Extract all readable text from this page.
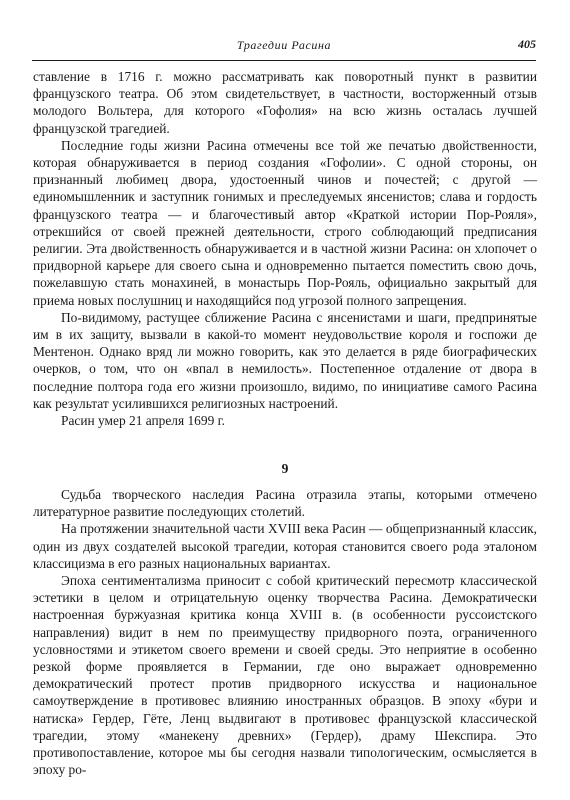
Трагедии Расина	405

ставление в 1716 г. можно рассматривать как поворотный пункт в развитии французского театра. Об этом свидетельствует, в частности, восторженный отзыв молодого Вольтера, для которого «Гофолия» на всю жизнь осталась лучшей французской трагедией.

Последние годы жизни Расина отмечены все той же печатью двойственности, которая обнаруживается в период создания «Гофолии». С одной стороны, он признанный любимец двора, удостоенный чинов и почестей; с другой — единомышленник и заступник гонимых и преследуемых янсенистов; слава и гордость французского театра — и благочестивый автор «Краткой истории Пор-Рояля», отрекшийся от своей прежней деятельности, строго соблюдающий предписания религии. Эта двойственность обнаруживается и в частной жизни Расина: он хлопочет о придворной карьере для своего сына и одновременно пытается поместить свою дочь, пожелавшую стать монахиней, в монастырь Пор-Рояль, официально закрытый для приема новых послушниц и находящийся под угрозой полного запрещения.

По-видимому, растущее сближение Расина с янсенистами и шаги, предпринятые им в их защиту, вызвали в какой-то момент неудовольствие короля и госпожи де Ментенон. Однако вряд ли можно говорить, как это делается в ряде биографических очерков, о том, что он «впал в немилость». Постепенное отдаление от двора в последние полтора года его жизни произошло, видимо, по инициативе самого Расина как результат усилившихся религиозных настроений.

Расин умер 21 апреля 1699 г.

9

Судьба творческого наследия Расина отразила этапы, которыми отмечено литературное развитие последующих столетий.

На протяжении значительной части XVIII века Расин — общепризнанный классик, один из двух создателей высокой трагедии, которая становится своего рода эталоном классицизма в его разных национальных вариантах.

Эпоха сентиментализма приносит с собой критический пересмотр классической эстетики в целом и отрицательную оценку творчества Расина. Демократически настроенная буржуазная критика конца XVIII в. (в особенности руссоистского направления) видит в нем по преимуществу придворного поэта, ограниченного условностями и этикетом своего времени и своей среды. Это неприятие в особенно резкой форме проявляется в Германии, где оно выражает одновременно демократический протест против придворного искусства и национальное самоутверждение в противовес влиянию иностранных образцов. В эпоху «бури и натиска» Гердер, Гёте, Ленц выдвигают в противовес французской классической трагедии, этому «манекену древних» (Гердер), драму Шекспира. Это противопоставление, которое мы бы сегодня назвали типологическим, осмысляется в эпоху ро-
